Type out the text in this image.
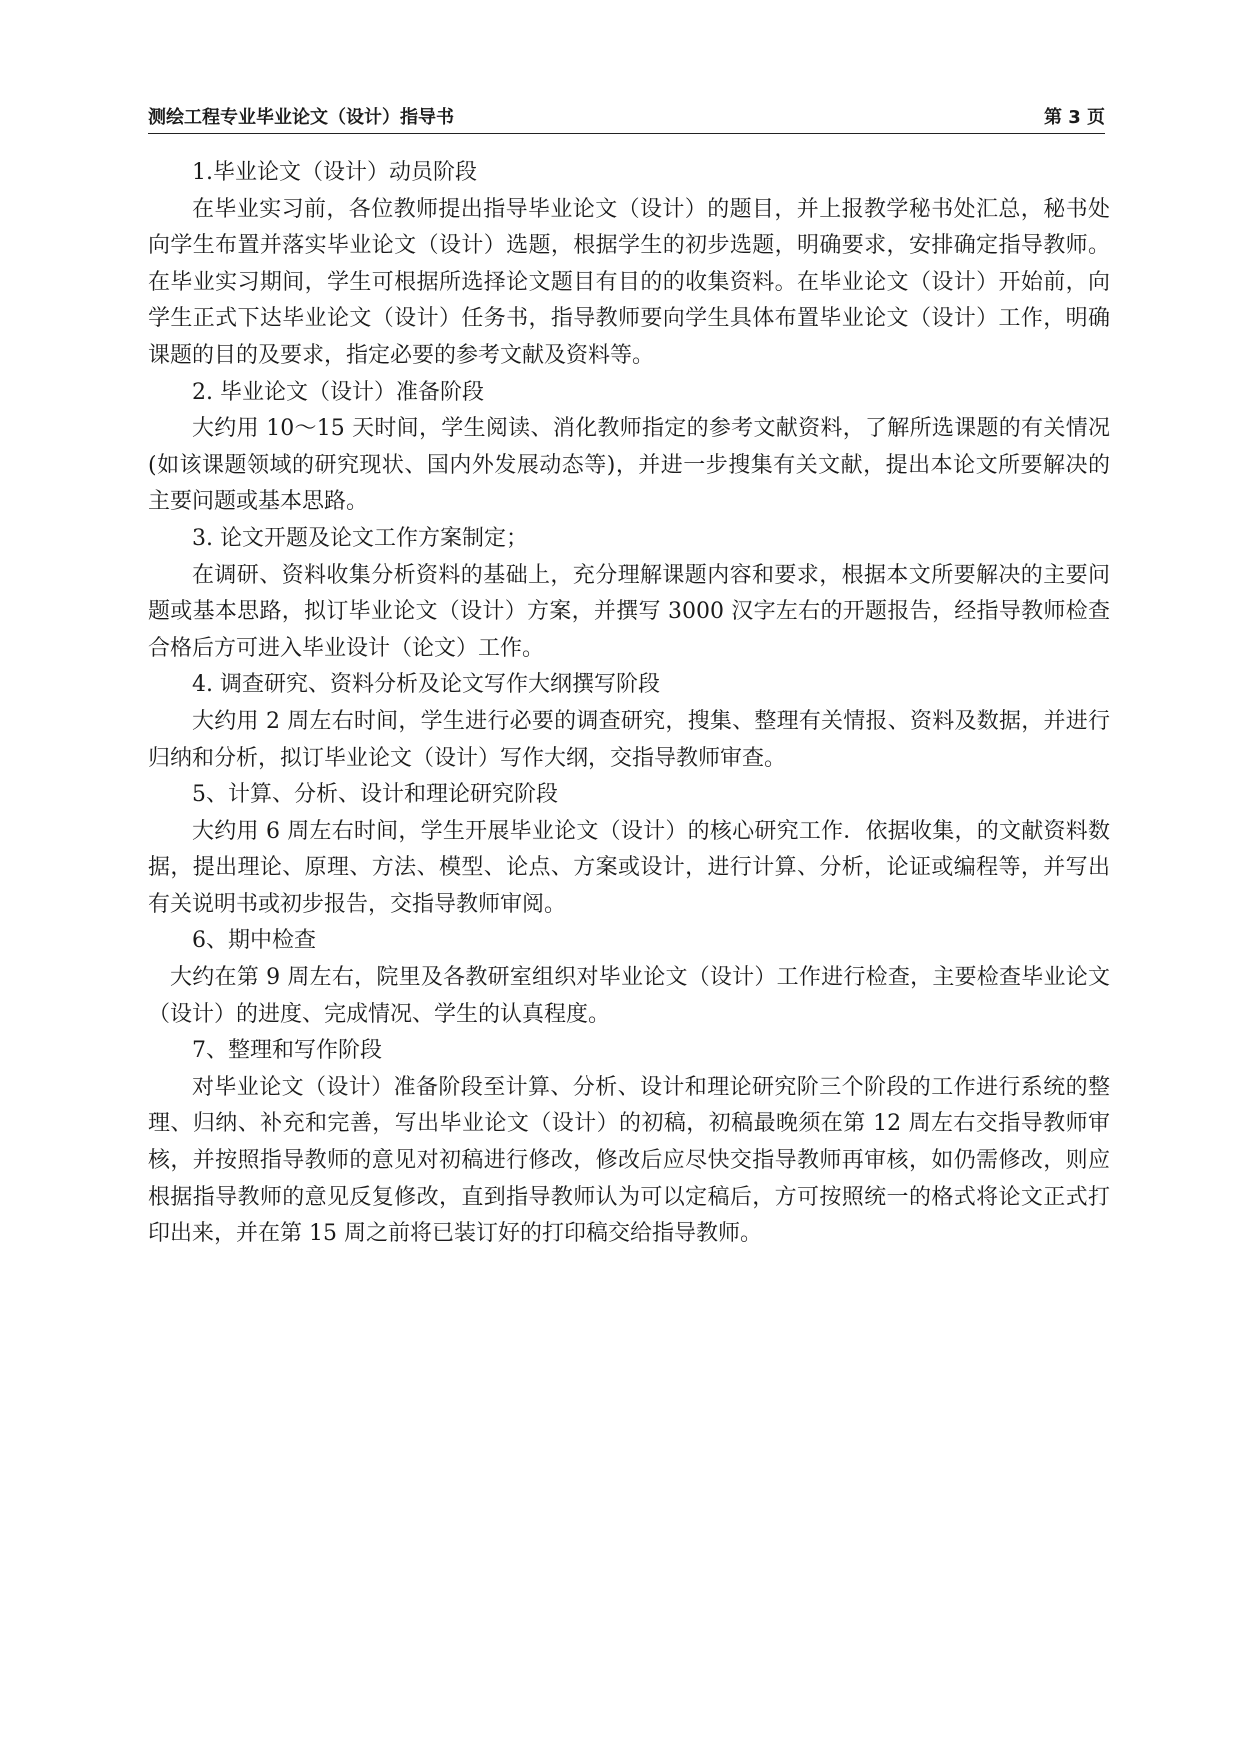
测绘工程专业毕业论文（设计）指导书	第 3 页

1.毕业论文（设计）动员阶段

在毕业实习前，各位教师提出指导毕业论文（设计）的题目，并上报教学秘书处汇总，秘书处向学生布置并落实毕业论文（设计）选题，根据学生的初步选题，明确要求，安排确定指导教师。在毕业实习期间，学生可根据所选择论文题目有目的的收集资料。在毕业论文（设计）开始前，向学生正式下达毕业论文（设计）任务书，指导教师要向学生具体布置毕业论文（设计）工作，明确课题的目的及要求，指定必要的参考文献及资料等。

2. 毕业论文（设计）准备阶段

大约用 10～15 天时间，学生阅读、消化教师指定的参考文献资料，了解所选课题的有关情况(如该课题领域的研究现状、国内外发展动态等)，并进一步搜集有关文献，提出本论文所要解决的主要问题或基本思路。

3. 论文开题及论文工作方案制定；

在调研、资料收集分析资料的基础上，充分理解课题内容和要求，根据本文所要解决的主要问题或基本思路，拟订毕业论文（设计）方案，并撰写 3000 汉字左右的开题报告，经指导教师检查合格后方可进入毕业设计（论文）工作。

4. 调查研究、资料分析及论文写作大纲撰写阶段

大约用 2 周左右时间，学生进行必要的调查研究，搜集、整理有关情报、资料及数据，并进行归纳和分析，拟订毕业论文（设计）写作大纲，交指导教师审查。

5、计算、分析、设计和理论研究阶段

大约用 6 周左右时间，学生开展毕业论文（设计）的核心研究工作．依据收集，的文献资料数据，提出理论、原理、方法、模型、论点、方案或设计，进行计算、分析，论证或编程等，并写出有关说明书或初步报告，交指导教师审阅。

6、期中检查

大约在第 9 周左右，院里及各教研室组织对毕业论文（设计）工作进行检查，主要检查毕业论文（设计）的进度、完成情况、学生的认真程度。

7、整理和写作阶段

对毕业论文（设计）准备阶段至计算、分析、设计和理论研究阶三个阶段的工作进行系统的整理、归纳、补充和完善，写出毕业论文（设计）的初稿，初稿最晚须在第 12 周左右交指导教师审核，并按照指导教师的意见对初稿进行修改，修改后应尽快交指导教师再审核，如仍需修改，则应根据指导教师的意见反复修改，直到指导教师认为可以定稿后，方可按照统一的格式将论文正式打印出来，并在第 15 周之前将已装订好的打印稿交给指导教师。
